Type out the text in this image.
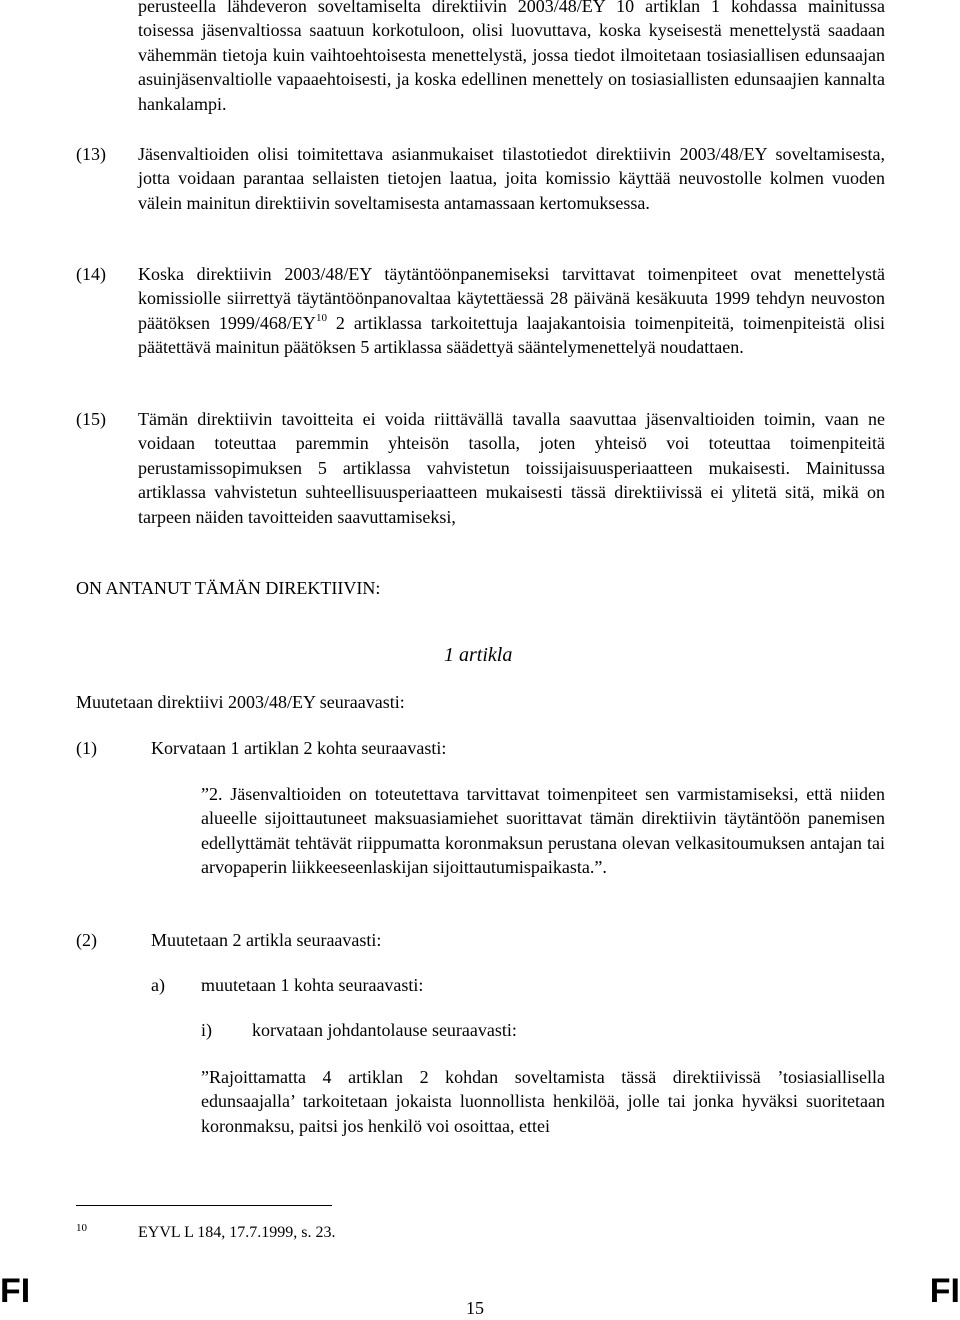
perusteella lähdeveron soveltamiselta direktiivin 2003/48/EY 10 artiklan 1 kohdassa mainitussa toisessa jäsenvaltiossa saatuun korkotuloon, olisi luovuttava, koska kyseisestä menettelystä saadaan vähemmän tietoja kuin vaihtoehtoisesta menettelystä, jossa tiedot ilmoitetaan tosiasiallisen edunsaajan asuinjäsenvaltiolle vapaaehtoisesti, ja koska edellinen menettely on tosiasiallisten edunsaajien kannalta hankalampi.

(13) Jäsenvaltioiden olisi toimitettava asianmukaiset tilastotiedot direktiivin 2003/48/EY soveltamisesta, jotta voidaan parantaa sellaisten tietojen laatua, joita komissio käyttää neuvostolle kolmen vuoden välein mainitun direktiivin soveltamisesta antamassaan kertomuksessa.

(14) Koska direktiivin 2003/48/EY täytäntöönpanemiseksi tarvittavat toimenpiteet ovat menettelystä komissiolle siirrettyä täytäntöönpanovaltaa käytettäessä 28 päivänä kesäkuuta 1999 tehdyn neuvoston päätöksen 1999/468/EY$^{10}$ 2 artiklassa tarkoitettuja laajakantoisia toimenpiteitä, toimenpiteistä olisi päätettävä mainitun päätöksen 5 artiklassa säädettyä sääntelymenettelyä noudattaen.

(15) Tämän direktiivin tavoitteita ei voida riittävällä tavalla saavuttaa jäsenvaltioiden toimin, vaan ne voidaan toteuttaa paremmin yhteisön tasolla, joten yhteisö voi toteuttaa toimenpiteitä perustamissopimuksen 5 artiklassa vahvistetun toissijaisuusperiaatteen mukaisesti. Mainitussa artiklassa vahvistetun suhteellisuusperiaatteen mukaisesti tässä direktiivissä ei ylitetä sitä, mikä on tarpeen näiden tavoitteiden saavuttamiseksi,

ON ANTANUT TÄMÄN DIREKTIIVIN:

1 artikla

Muutetaan direktiivi 2003/48/EY seuraavasti:

(1)	Korvataan 1 artiklan 2 kohta seuraavasti:

”2. Jäsenvaltioiden on toteutettava tarvittavat toimenpiteet sen varmistamiseksi, että niiden alueelle sijoittautuneet maksuasiamiehet suorittavat tämän direktiivin täytäntöön panemisen edellyttämät tehtävät riippumatta koronmaksun perustana olevan velkasitoumuksen antajan tai arvopaperin liikkeeseenlaskijan sijoittautumispaikasta.”.

(2)	Muutetaan 2 artikla seuraavasti:

a) muutetaan 1 kohta seuraavasti:

i) korvataan johdantolause seuraavasti:

”Rajoittamatta 4 artiklan 2 kohdan soveltamista tässä direktiivissä ’tosiasiallisella edunsaajalla’ tarkoitetaan jokaista luonnollista henkilöä, jolle tai jonka hyväksi suoritetaan koronmaksu, paitsi jos henkilö voi osoittaa, ettei

10	EYVL L 184, 17.7.1999, s. 23.
FI	15	FI
